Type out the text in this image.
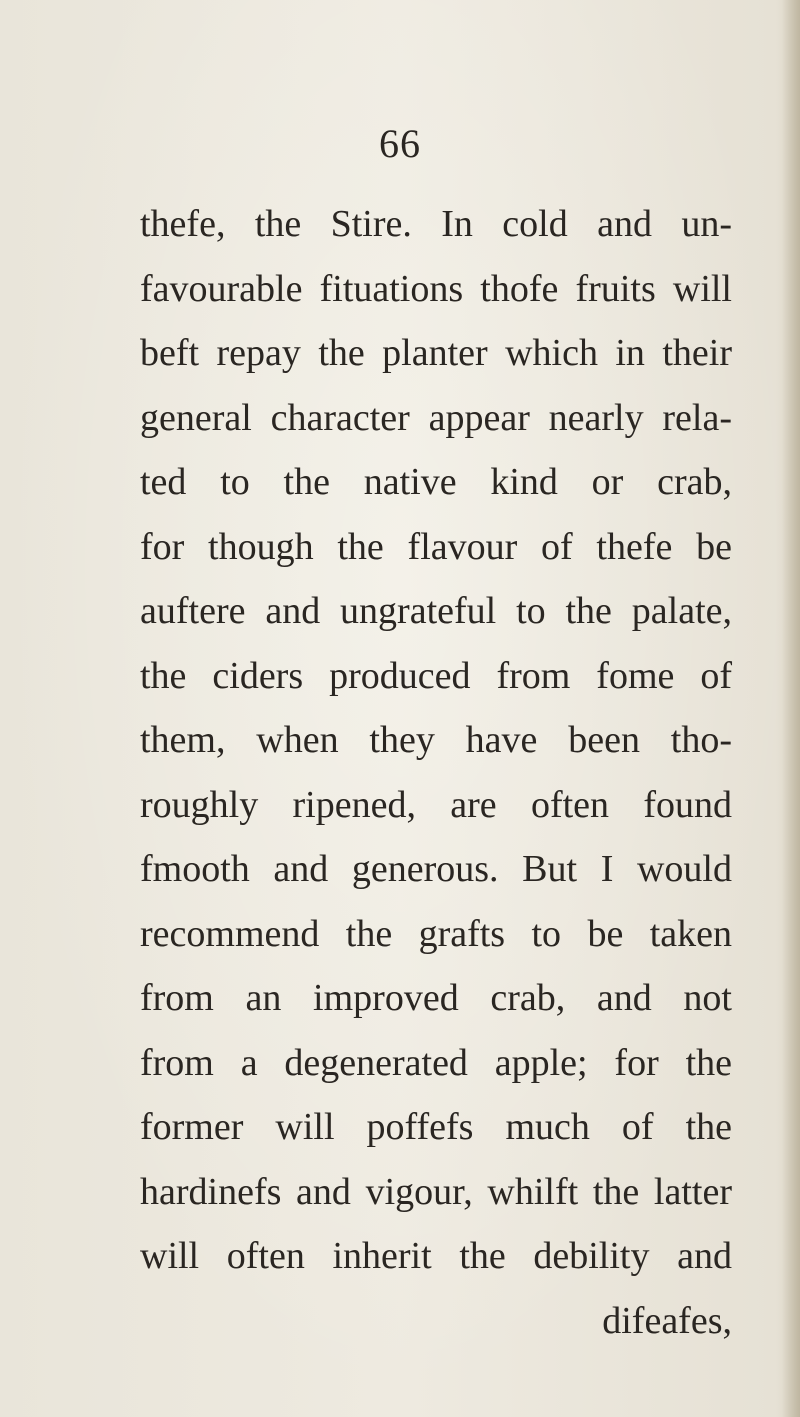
66
thefe, the Stire. In cold and un-
favourable fituations thofe fruits will
beft repay the planter which in their
general character appear nearly rela-
ted to the native kind or crab,
for though the flavour of thefe be
auftere and ungrateful to the palate,
the ciders produced from fome of
them, when they have been tho-
roughly ripened, are often found
fmooth and generous. But I would
recommend the grafts to be taken
from an improved crab, and not
from a degenerated apple; for the
former will poffefs much of the
hardinefs and vigour, whilft the latter
will often inherit the debility and
difeafes,
